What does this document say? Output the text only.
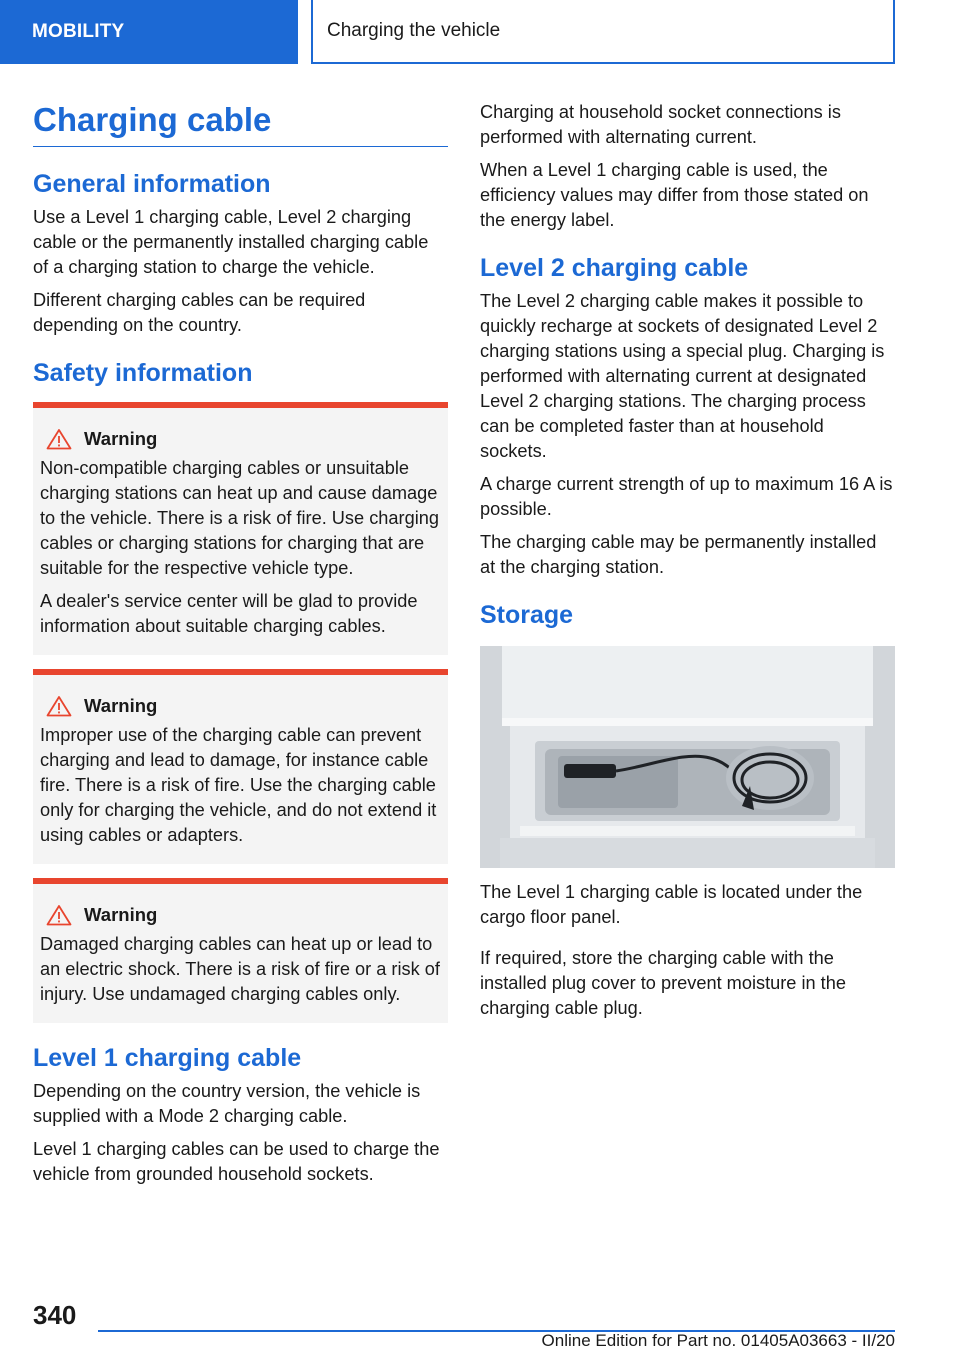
MOBILITY	Charging the vehicle
Charging cable
General information

Use a Level 1 charging cable, Level 2 charging cable or the permanently installed charging cable of a charging station to charge the vehicle.

Different charging cables can be required depending on the country.

Safety information
Warning

Non-compatible charging cables or unsuitable charging stations can heat up and cause damage to the vehicle. There is a risk of fire. Use charging cables or charging stations for charging that are suitable for the respective vehicle type.

A dealer's service center will be glad to provide information about suitable charging cables.

Warning

Improper use of the charging cable can prevent charging and lead to damage, for instance cable fire. There is a risk of fire. Use the charging cable only for charging the vehicle, and do not extend it using cables or adapters.

Warning

Damaged charging cables can heat up or lead to an electric shock. There is a risk of fire or a risk of injury. Use undamaged charging cables only.

Level 1 charging cable

Depending on the country version, the vehicle is supplied with a Mode 2 charging cable.

Level 1 charging cables can be used to charge the vehicle from grounded household sockets.

Charging at household socket connections is performed with alternating current.

When a Level 1 charging cable is used, the efficiency values may differ from those stated on the energy label.

Level 2 charging cable

The Level 2 charging cable makes it possible to quickly recharge at sockets of designated Level 2 charging stations using a special plug. Charging is performed with alternating current at designated Level 2 charging stations. The charging process can be completed faster than at household sockets.

A charge current strength of up to maximum 16 A is possible.

The charging cable may be permanently installed at the charging station.

Storage

The Level 1 charging cable is located under the cargo floor panel.

If required, store the charging cable with the installed plug cover to prevent moisture in the charging cable plug.

340
Online Edition for Part no. 01405A03663 - II/20
